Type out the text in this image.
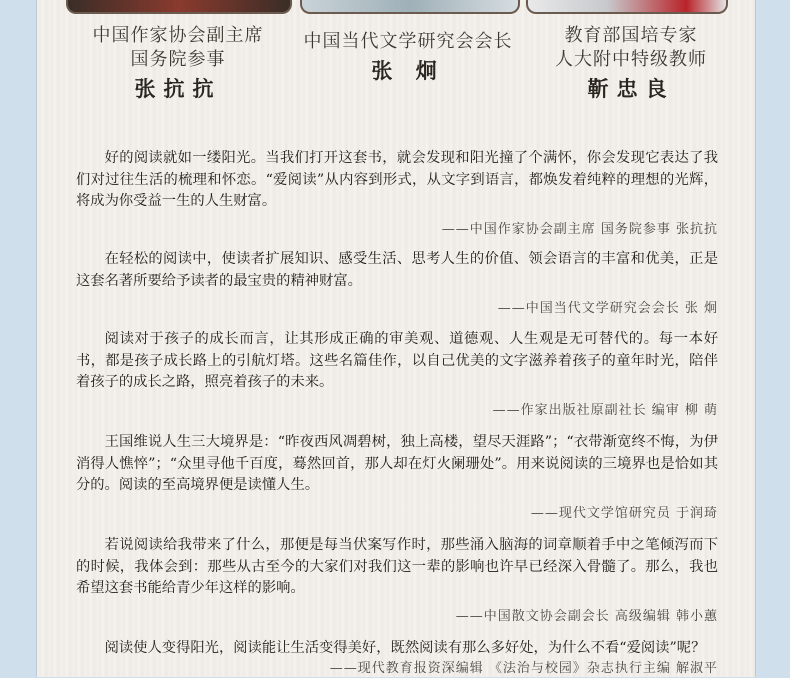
中国作家协会副主席
国务院参事
张抗抗
中国当代文学研究会会长
张 炯
教育部国培专家
人大附中特级教师
靳忠良

好的阅读就如一缕阳光。当我们打开这套书，就会发现和阳光撞了个满怀，你会发现它表达了我们对过往生活的梳理和怀恋。“爱阅读”从内容到形式，从文字到语言，都焕发着纯粹的理想的光辉，将成为你受益一生的人生财富。

——中国作家协会副主席 国务院参事 张抗抗

在轻松的阅读中，使读者扩展知识、感受生活、思考人生的价值、领会语言的丰富和优美，正是这套名著所要给予读者的最宝贵的精神财富。

——中国当代文学研究会会长 张 炯

阅读对于孩子的成长而言，让其形成正确的审美观、道德观、人生观是无可替代的。每一本好书，都是孩子成长路上的引航灯塔。这些名篇佳作，以自己优美的文字滋养着孩子的童年时光，陪伴着孩子的成长之路，照亮着孩子的未来。

——作家出版社原副社长 编审 柳 萌

王国维说人生三大境界是：“昨夜西风凋碧树，独上高楼，望尽天涯路”；“衣带渐宽终不悔，为伊消得人憔悴”；“众里寻他千百度，蓦然回首，那人却在灯火阑珊处”。用来说阅读的三境界也是恰如其分的。阅读的至高境界便是读懂人生。

——现代文学馆研究员 于润琦

若说阅读给我带来了什么，那便是每当伏案写作时，那些涌入脑海的词章顺着手中之笔倾泻而下的时候，我体会到：那些从古至今的大家们对我们这一辈的影响也许早已经深入骨髓了。那么，我也希望这套书能给青少年这样的影响。

——中国散文协会副会长 高级编辑 韩小蕙

阅读使人变得阳光，阅读能让生活变得美好，既然阅读有那么多好处，为什么不看“爱阅读”呢？

——现代教育报资深编辑 《法治与校园》杂志执行主编 解淑平
